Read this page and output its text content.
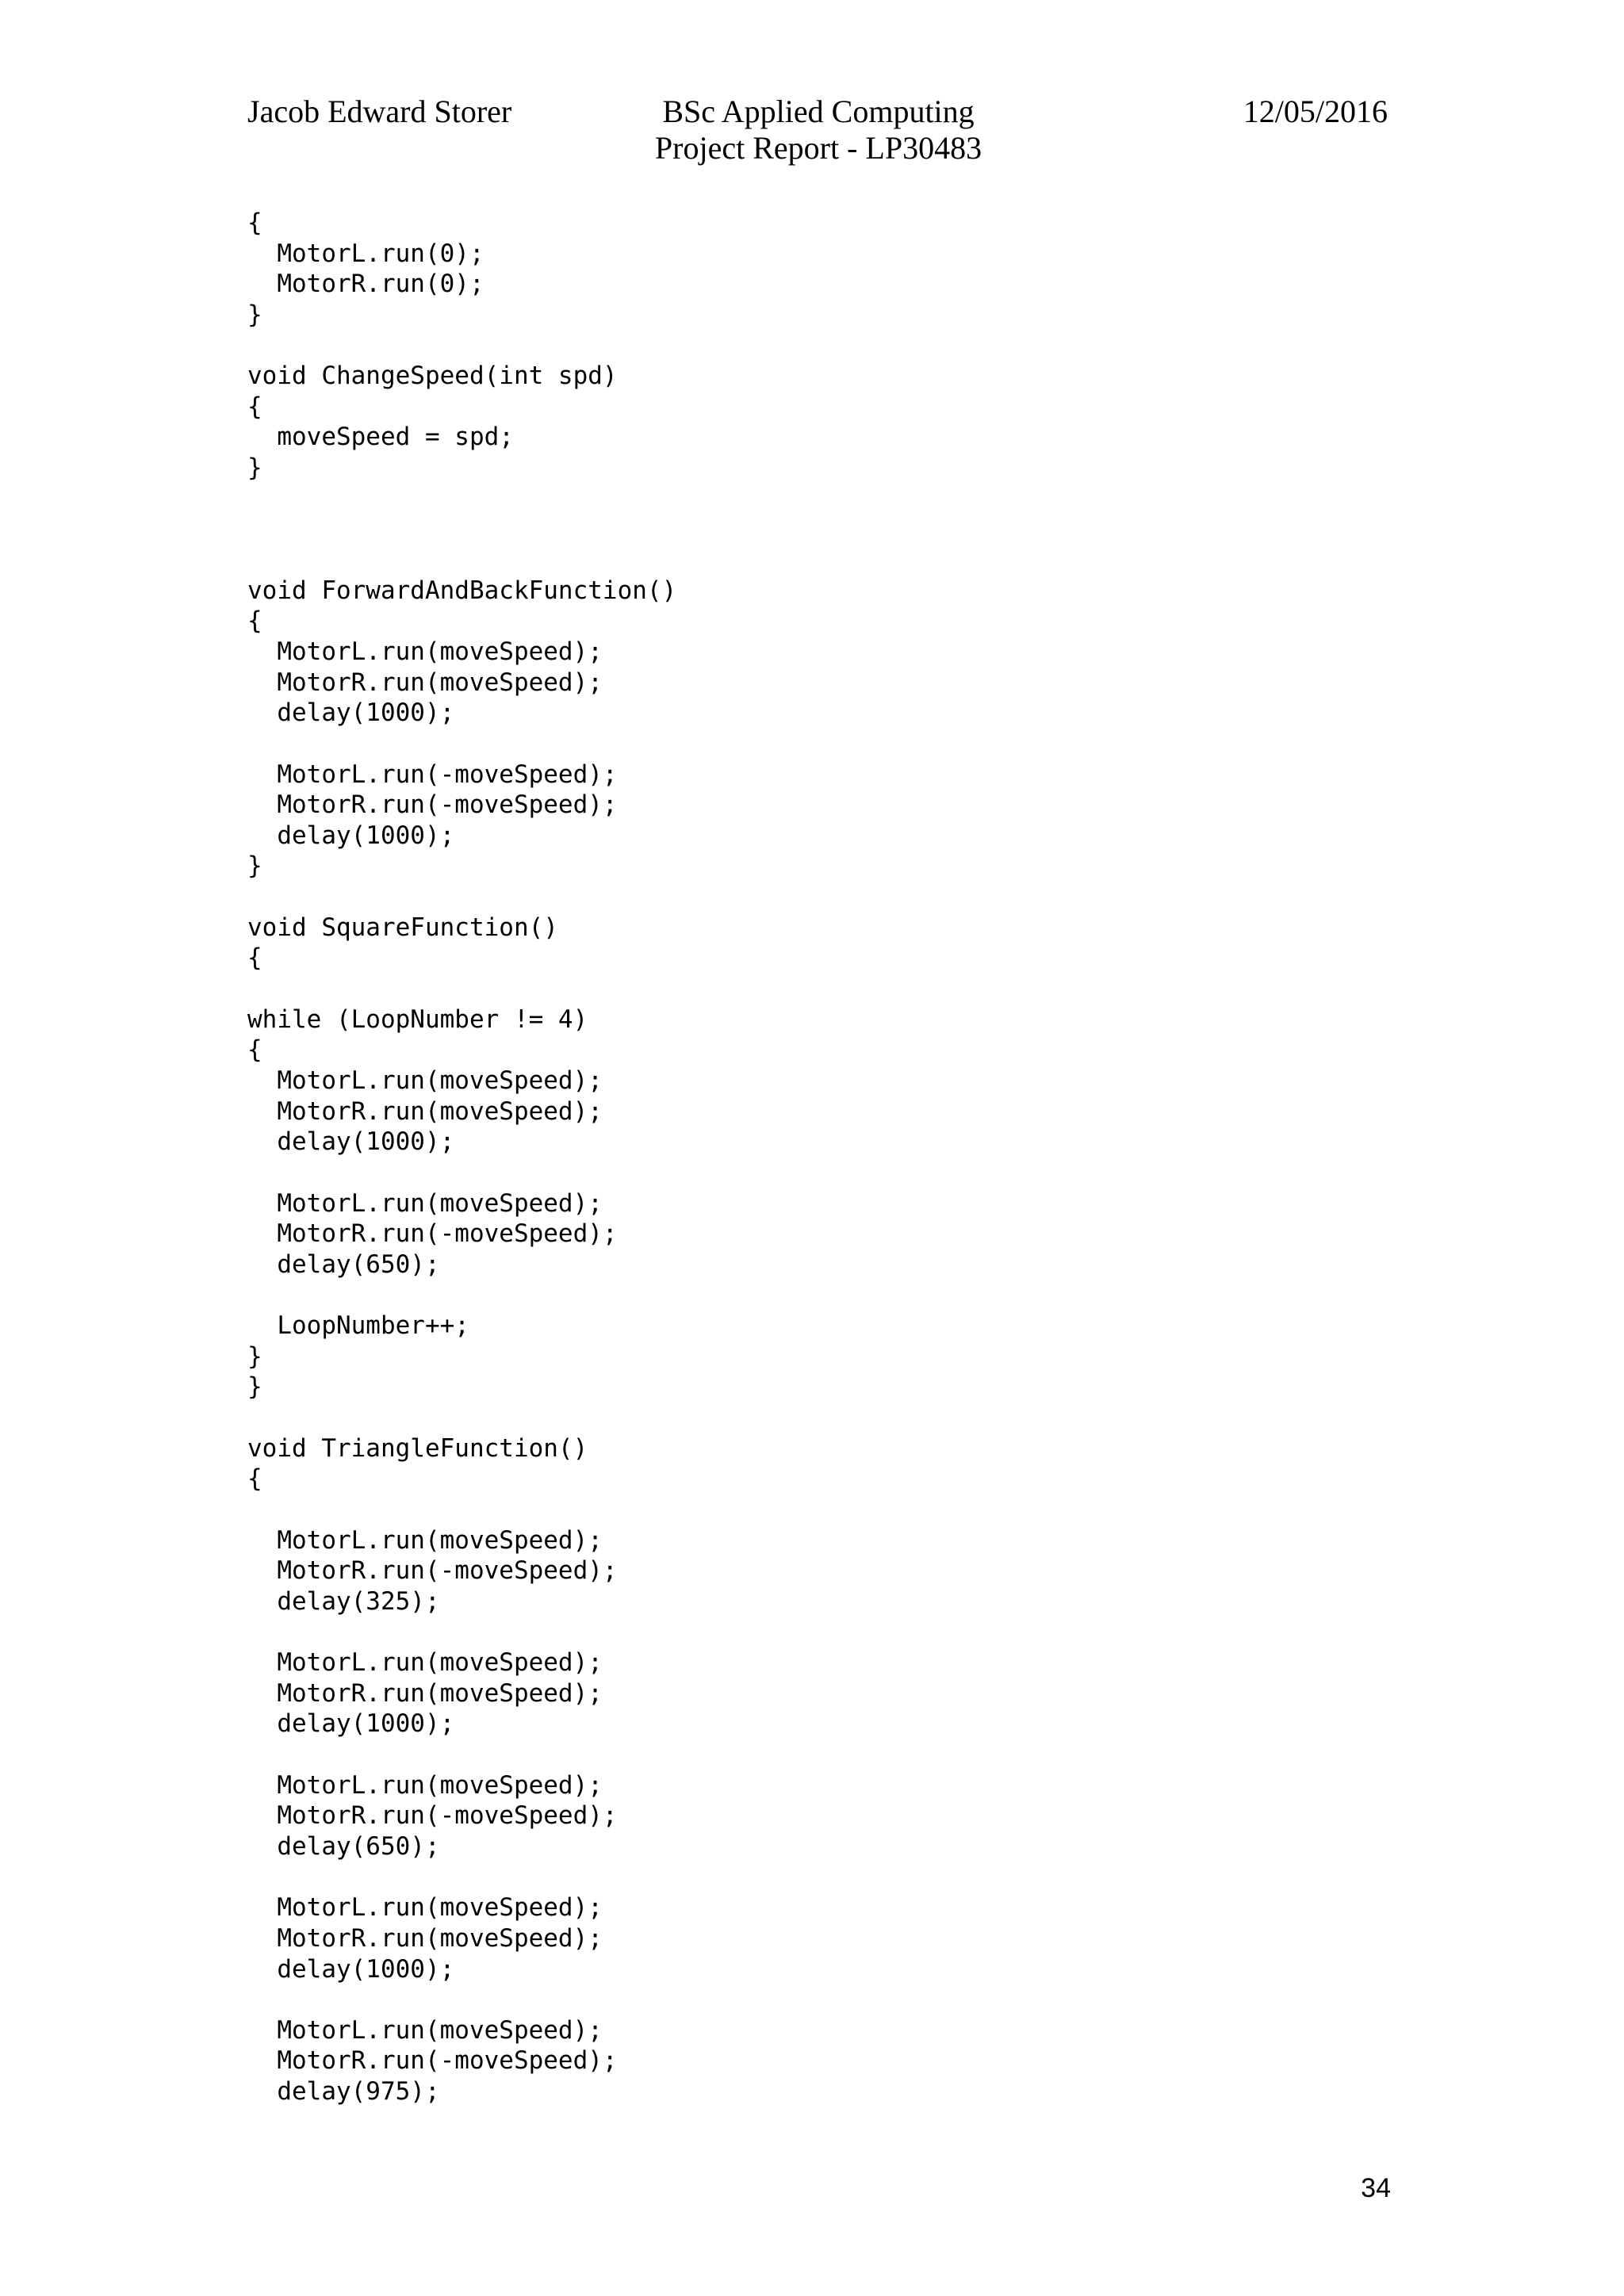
Jacob Edward Storer	BSc Applied Computing
Project Report - LP30483
12/05/2016
{
MotorL.run(0);
MotorR.run(0);
}
void ChangeSpeed(int spd)
{
moveSpeed = spd;
}
void ForwardAndBackFunction()
{
MotorL.run(moveSpeed);
MotorR.run(moveSpeed);
delay(1000);
MotorL.run(-moveSpeed);
MotorR.run(-moveSpeed);
delay(1000);
}
void SquareFunction()
{
while (LoopNumber != 4)
{
MotorL.run(moveSpeed);
MotorR.run(moveSpeed);
delay(1000);
MotorL.run(moveSpeed);
MotorR.run(-moveSpeed);
delay(650);
LoopNumber++;
}
}
void TriangleFunction()
{
MotorL.run(moveSpeed);
MotorR.run(-moveSpeed);
delay(325);
MotorL.run(moveSpeed);
MotorR.run(moveSpeed);
delay(1000);
MotorL.run(moveSpeed);
MotorR.run(-moveSpeed);
delay(650);
MotorL.run(moveSpeed);
MotorR.run(moveSpeed);
delay(1000);
MotorL.run(moveSpeed);
MotorR.run(-moveSpeed);
delay(975);
34
